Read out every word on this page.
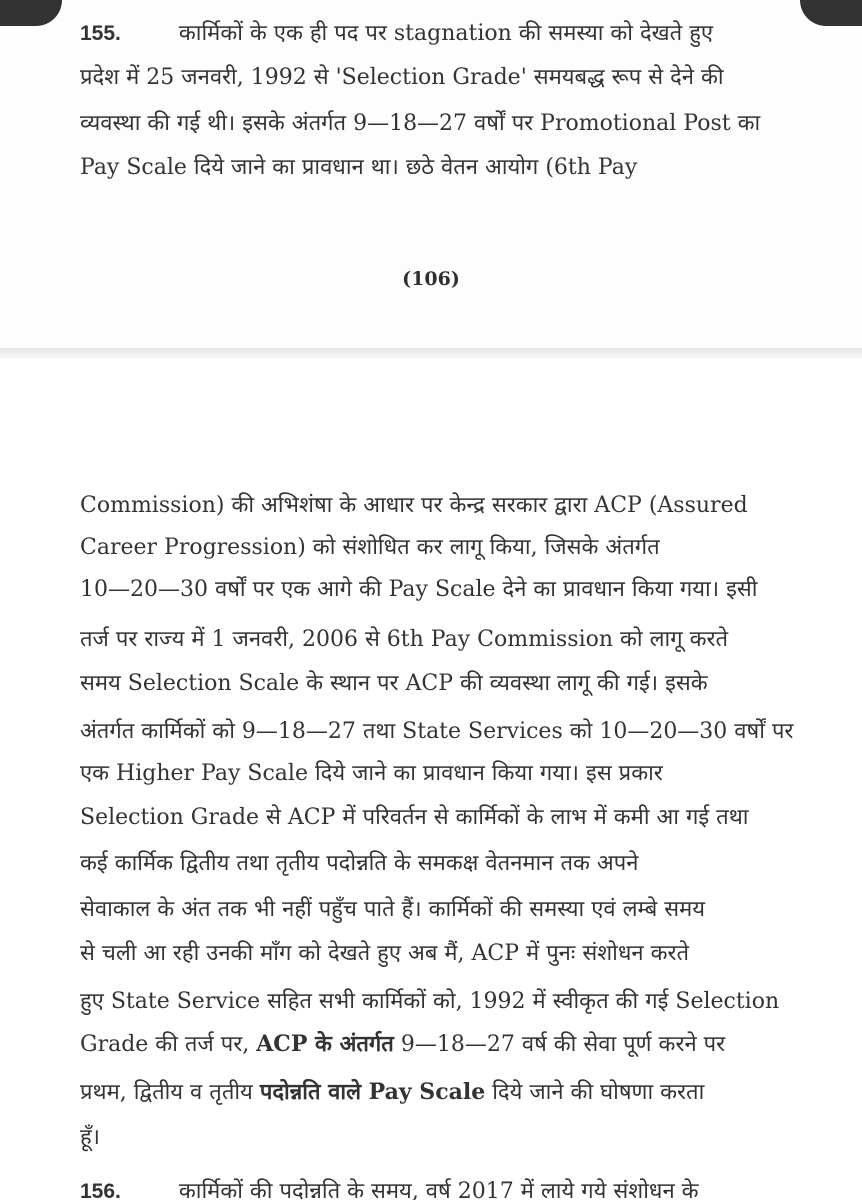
155.	कार्मिकों के एक ही पद पर stagnation की समस्या को देखते हुए
प्रदेश में 25 जनवरी, 1992 से 'Selection Grade' समयबद्ध रूप से देने की
व्यवस्था की गई थी। इसके अंतर्गत 9—18—27 वर्षों पर Promotional Post का
Pay Scale दिये जाने का प्रावधान था। छठे वेतन आयोग (6th Pay
(106)
Commission) की अभिशंषा के आधार पर केन्द्र सरकार द्वारा ACP (Assured
Career Progression) को संशोधित कर लागू किया, जिसके अंतर्गत
10—20—30 वर्षों पर एक आगे की Pay Scale देने का प्रावधान किया गया। इसी
तर्ज पर राज्य में 1 जनवरी, 2006 से 6th Pay Commission को लागू करते
समय Selection Scale के स्थान पर ACP की व्यवस्था लागू की गई। इसके
अंतर्गत कार्मिकों को 9—18—27 तथा State Services को 10—20—30 वर्षों पर
एक Higher Pay Scale दिये जाने का प्रावधान किया गया। इस प्रकार
Selection Grade से ACP में परिवर्तन से कार्मिकों के लाभ में कमी आ गई तथा
कई कार्मिक द्वितीय तथा तृतीय पदोन्नति के समकक्ष वेतनमान तक अपने
सेवाकाल के अंत तक भी नहीं पहुँच पाते हैं। कार्मिकों की समस्या एवं लम्बे समय
से चली आ रही उनकी माँग को देखते हुए अब मैं, ACP में पुनः संशोधन करते
हुए State Service सहित सभी कार्मिकों को, 1992 में स्वीकृत की गई Selection
Grade की तर्ज पर, ACP के अंतर्गत 9—18—27 वर्ष की सेवा पूर्ण करने पर
प्रथम, द्वितीय व तृतीय पदोन्नति वाले Pay Scale दिये जाने की घोषणा करता
हूँ।
156.	कार्मिकों की पदोन्नति के समय, वर्ष 2017 में लाये गये संशोधन के
